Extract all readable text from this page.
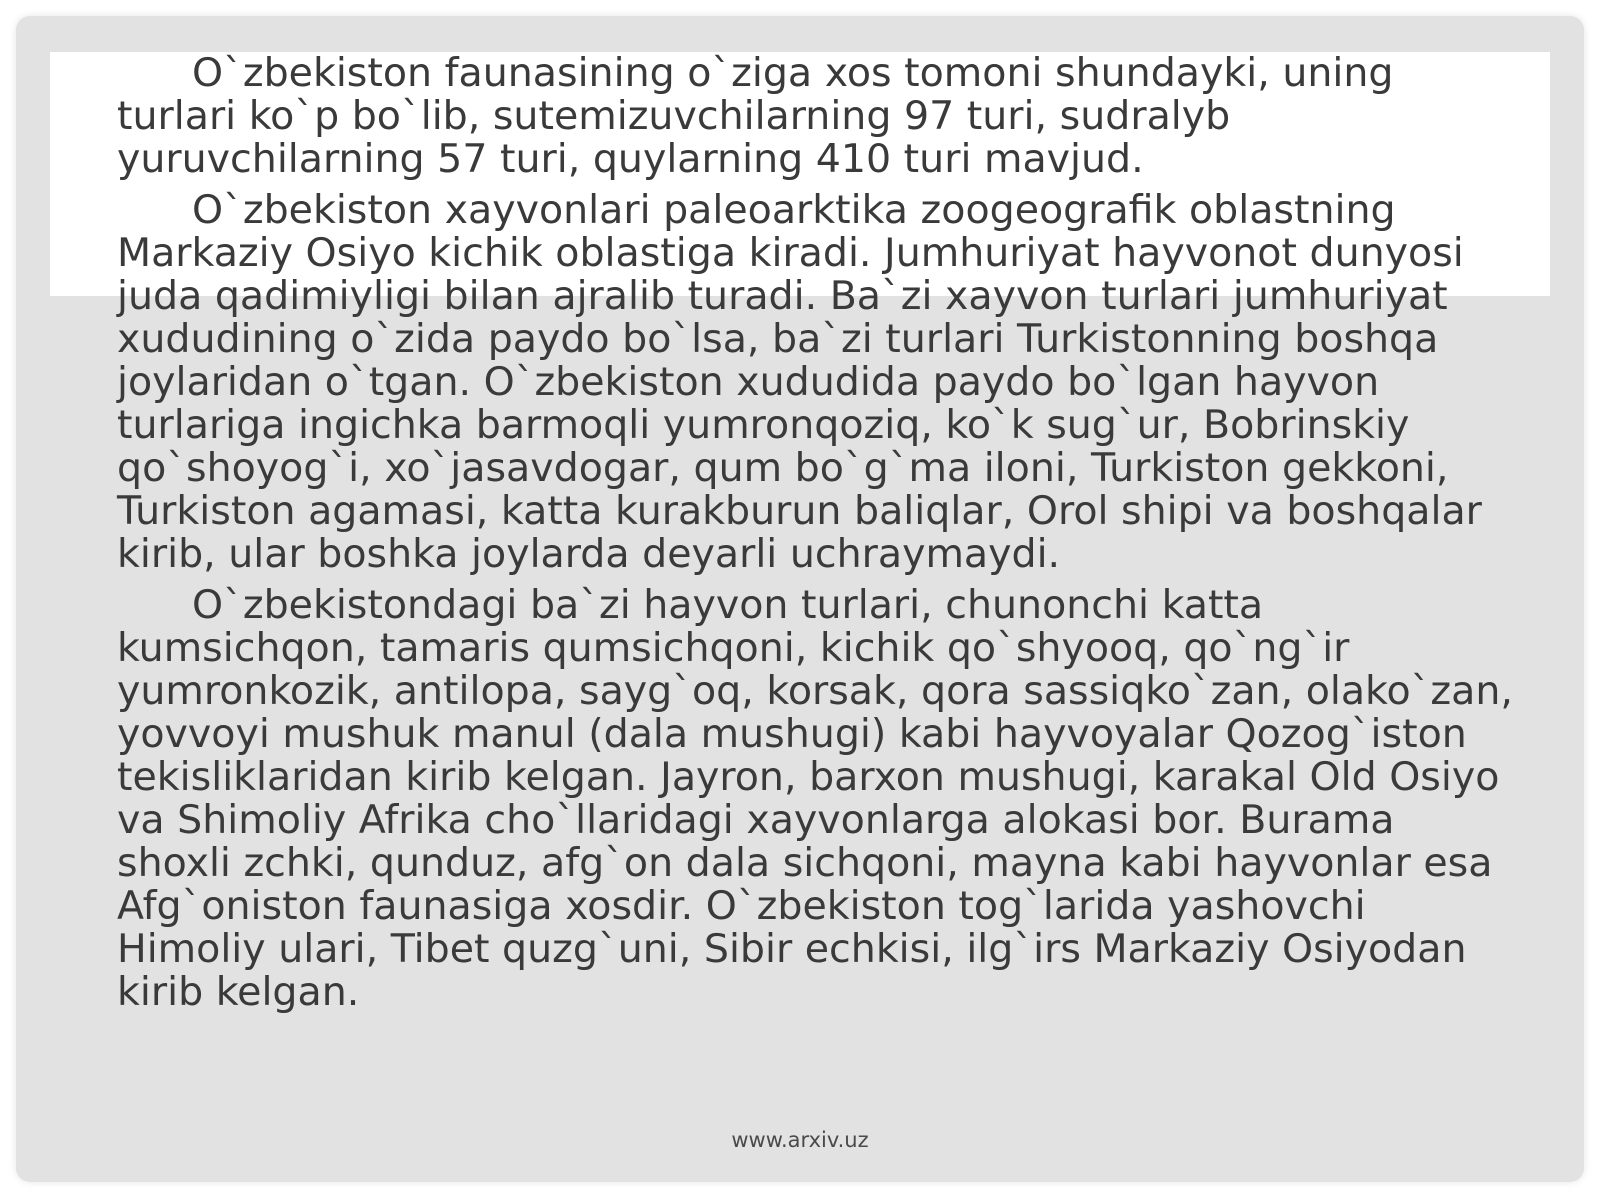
O`zbekiston faunasining o`ziga xos tomoni shundayki, uning turlari ko`p bo`lib, sutemizuvchilarning 97 turi, sudralyb yuruvchilarning 57 turi, quylarning 410 turi mavjud.

O`zbekiston xayvonlari paleoarktika zoogeografik oblastning Markaziy Osiyo kichik oblastiga kiradi. Jumhuriyat hayvonot dunyosi juda qadimiyligi bilan ajralib turadi. Ba`zi xayvon turlari jumhuriyat xududining o`zida paydo bo`lsa, ba`zi turlari Turkistonning boshqa joylaridan o`tgan. O`zbekiston xududida paydo bo`lgan hayvon turlariga ingichka barmoqli yumronqoziq, ko`k sug`ur, Bobrinskiy qo`shoyog`i, xo`jasavdogar, qum bo`g`ma iloni, Turkiston gekkoni, Turkiston agamasi, katta kurakburun baliqlar, Orol shipi va boshqalar kirib, ular boshka joylarda deyarli uchraymaydi.

O`zbekistondagi ba`zi hayvon turlari, chunonchi katta kumsichqon, tamaris qumsichqoni, kichik qo`shyooq, qo`ng`ir yumronkozik, antilopa, sayg`oq, korsak, qora sassiqko`zan, olako`zan, yovvoyi mushuk manul (dala mushugi) kabi hayvoyalar Qozog`iston tekisliklaridan kirib kelgan. Jayron, barxon mushugi, karakal Old Osiyo va Shimoliy Afrika cho`llaridagi xayvonlarga alokasi bor. Burama shoxli zchki, qunduz, afg`on dala sichqoni, mayna kabi hayvonlar esa Afg`oniston faunasiga xosdir. O`zbekiston tog`larida yashovchi Himoliy ulari, Tibet quzg`uni, Sibir echkisi, ilg`irs Markaziy Osiyodan kirib kelgan.

www.arxiv.uz
